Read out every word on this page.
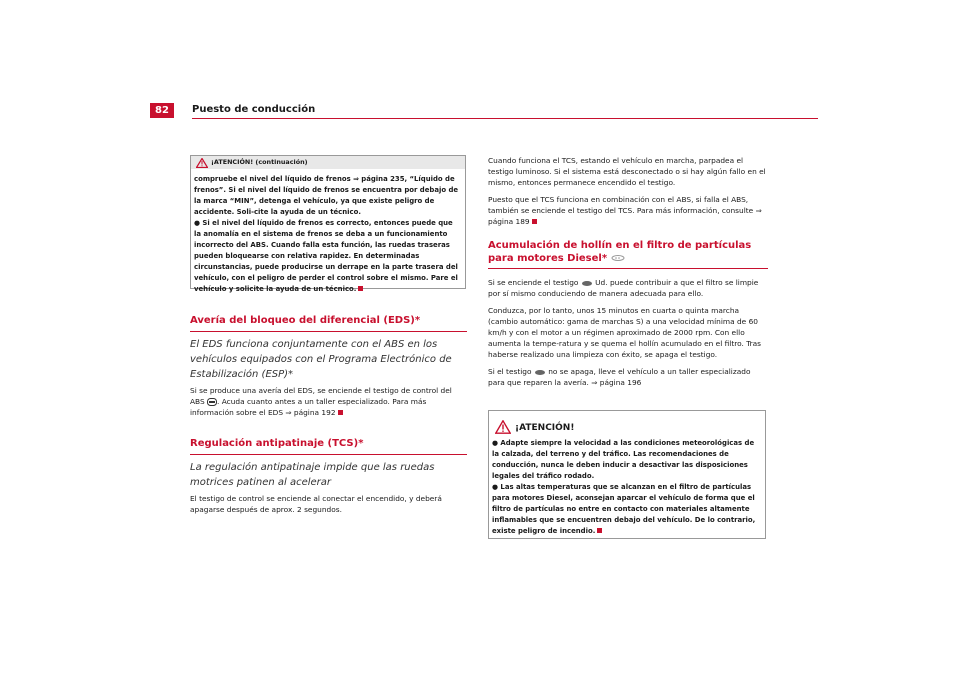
82	Puesto de conducción
¡ATENCIÓN! (continuación)

compruebe el nivel del líquido de frenos ⇒ página 235, “Líquido de frenos”. Si el nivel del líquido de frenos se encuentra por debajo de la marca “MIN”, detenga el vehículo, ya que existe peligro de accidente. Soli-cite la ayuda de un técnico.

● Si el nivel del líquido de frenos es correcto, entonces puede que la anomalía en el sistema de frenos se deba a un funcionamiento incorrecto del ABS. Cuando falla esta función, las ruedas traseras pueden bloquearse con relativa rapidez. En determinadas circunstancias, puede producirse un derrape en la parte trasera del vehículo, con el peligro de perder el control sobre el mismo. Pare el vehículo y solicite la ayuda de un técnico.

Avería del bloqueo del diferencial (EDS)*
El EDS funciona conjuntamente con el ABS en los vehículos equipados con el Programa Electrónico de Estabilización (ESP)*

Si se produce una avería del EDS, se enciende el testigo de control del ABS . Acuda cuanto antes a un taller especializado. Para más información sobre el EDS ⇒ página 192

Regulación antipatinaje (TCS)*
La regulación antipatinaje impide que las ruedas motrices patinen al acelerar

El testigo de control se enciende al conectar el encendido, y deberá apagarse después de aprox. 2 segundos.

Cuando funciona el TCS, estando el vehículo en marcha, parpadea el testigo luminoso. Si el sistema está desconectado o si hay algún fallo en el mismo, entonces permanece encendido el testigo.

Puesto que el TCS funciona en combinación con el ABS, si falla el ABS, también se enciende el testigo del TCS. Para más información, consulte ⇒ página 189

Acumulación de hollín en el filtro de partículas para motores Diesel*

Si se enciende el testigo Ud. puede contribuir a que el filtro se limpie por sí mismo conduciendo de manera adecuada para ello.

Conduzca, por lo tanto, unos 15 minutos en cuarta o quinta marcha (cambio automático: gama de marchas S) a una velocidad mínima de 60 km/h y con el motor a un régimen aproximado de 2000 rpm. Con ello aumenta la tempe-ratura y se quema el hollín acumulado en el filtro. Tras haberse realizado una limpieza con éxito, se apaga el testigo.

Si el testigo no se apaga, lleve el vehículo a un taller especializado para que reparen la avería. ⇒ página 196

¡ATENCIÓN!

● Adapte siempre la velocidad a las condiciones meteorológicas de la calzada, del terreno y del tráfico. Las recomendaciones de conducción, nunca le deben inducir a desactivar las disposiciones legales del tráfico rodado.

● Las altas temperaturas que se alcanzan en el filtro de partículas para motores Diesel, aconsejan aparcar el vehículo de forma que el filtro de partículas no entre en contacto con materiales altamente inflamables que se encuentren debajo del vehículo. De lo contrario, existe peligro de incendio.
